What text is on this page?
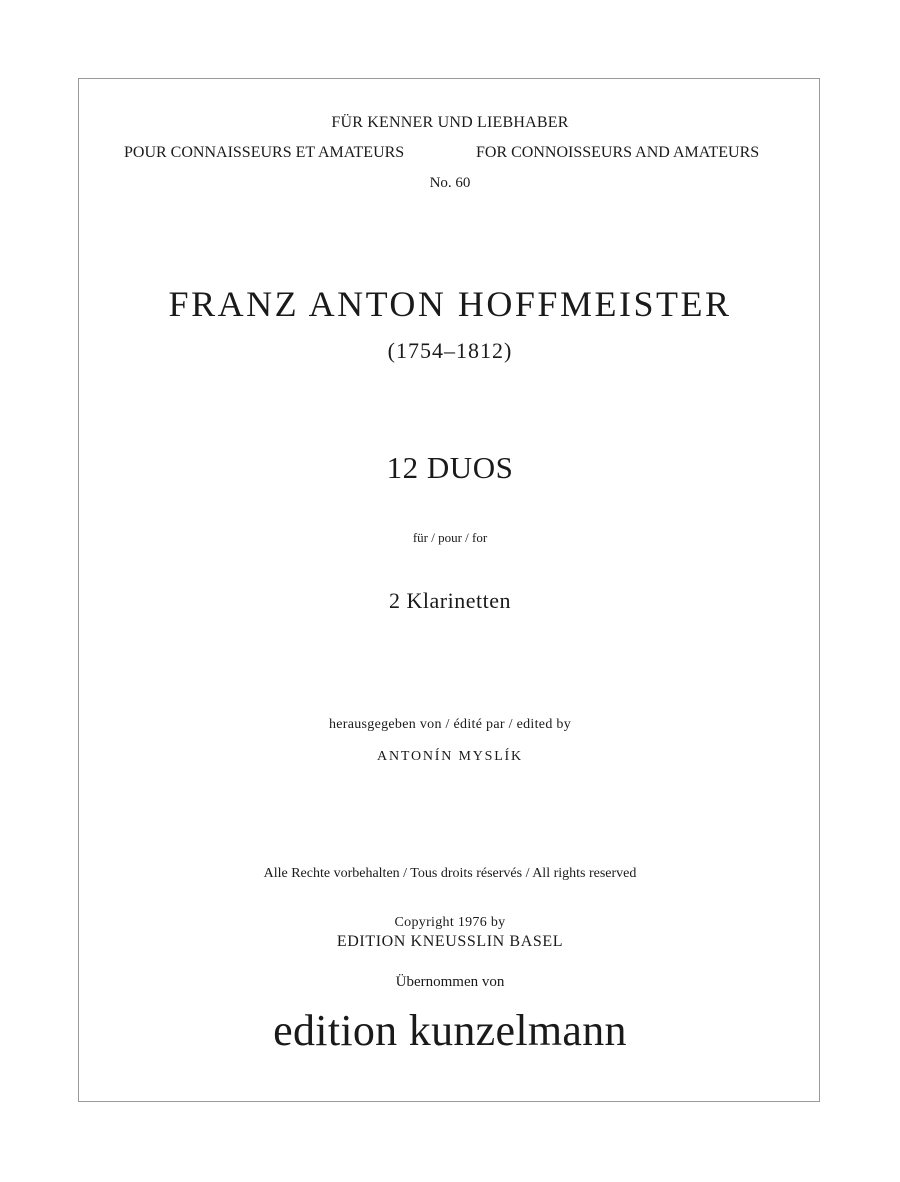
FÜR KENNER UND LIEBHABER
POUR CONNAISSEURS ET AMATEURS	FOR CONNOISSEURS AND AMATEURS
No. 60
FRANZ ANTON HOFFMEISTER
(1754–1812)
12 DUOS
für / pour / for
2 Klarinetten
herausgegeben von / édité par / edited by
ANTONÍN MYSLÍK
Alle Rechte vorbehalten / Tous droits réservés / All rights reserved
Copyright 1976 by
EDITION KNEUSSLIN BASEL
Übernommen von
edition kunzelmann
